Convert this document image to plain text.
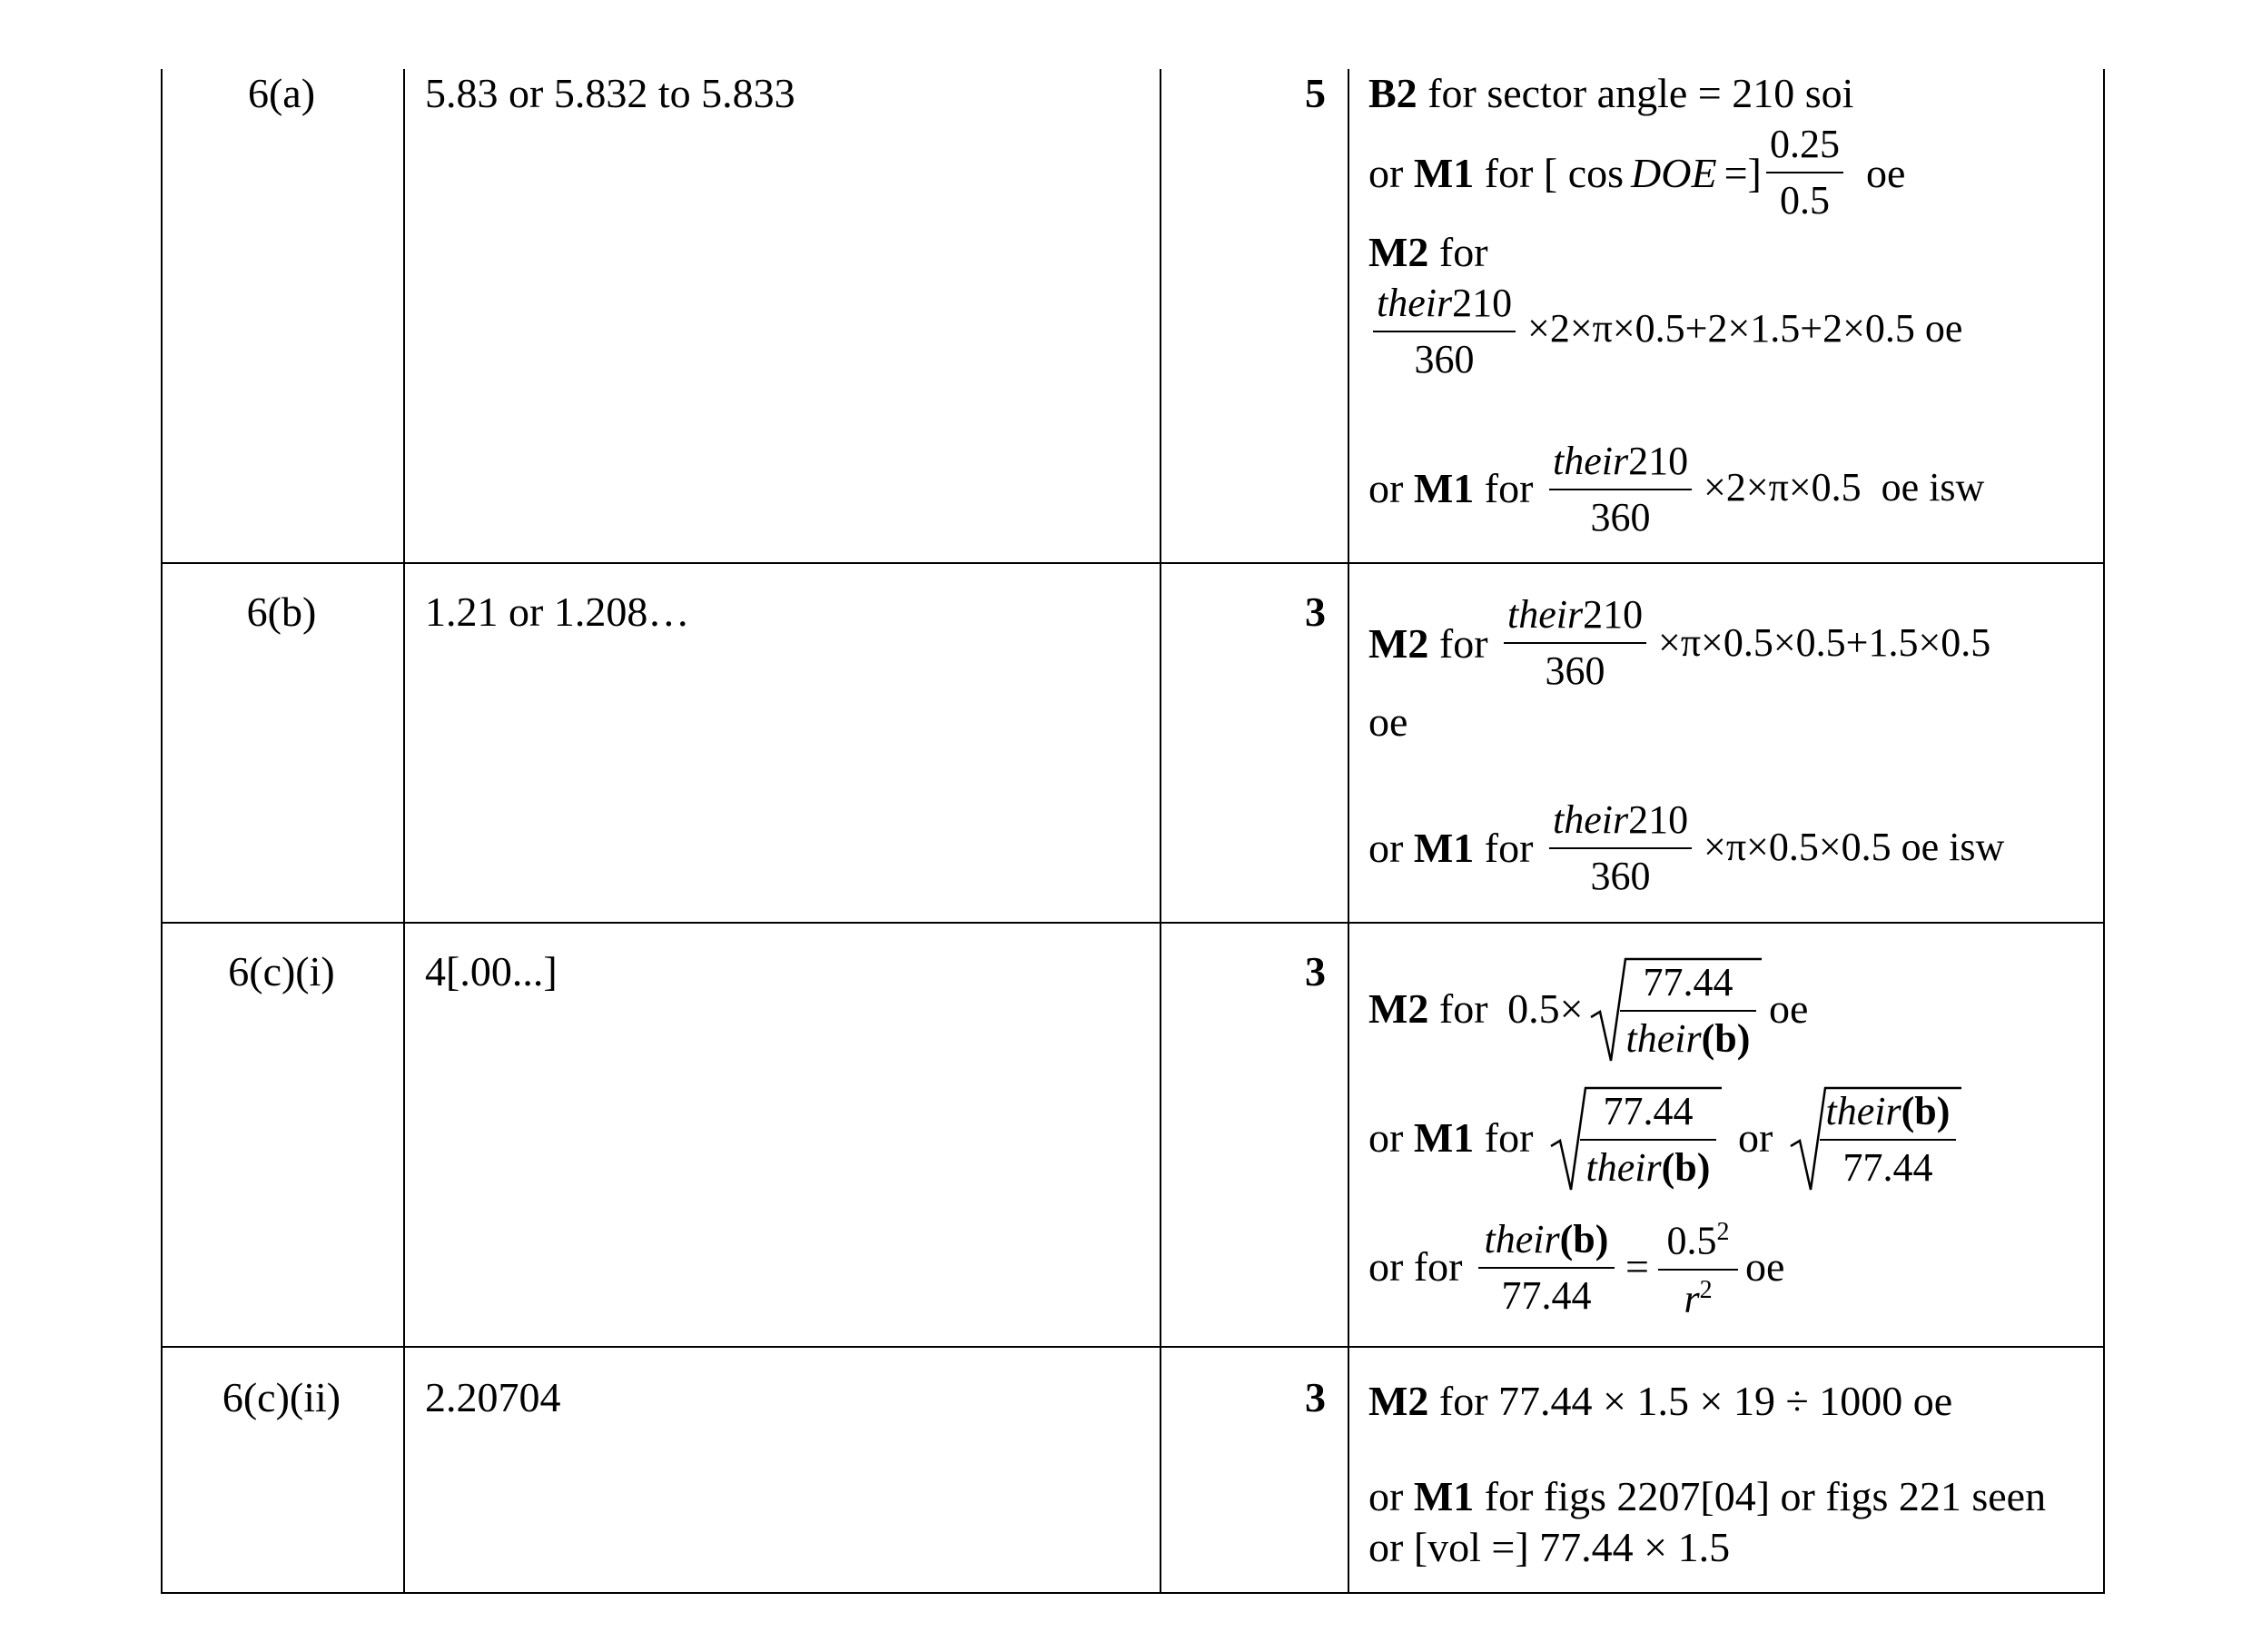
6(a)	5.83 or 5.832 to 5.833	5 B2 for sector angle = 210 soi
or M1 for [ cos DOE =] $\frac{0.25}{0.5}$ oe
M2 for
their210
360
×2×π×0.5+2×1.5+2×0.5 oe
or M1 for
their210
360
×2×π×0.5  oe isw
6(b)	1.21 or 1.208…	3
M2 for
their210
360
×π×0.5×0.5+1.5×0.5
oe
or M1 for
their210
360
×π×0.5×0.5 oe isw
6(c)(i)	4[.00...]	3
M2 for 0.5×
77.44
their(b)
oe
or M1 for
77.44
their(b)
or
their(b)
77.44
or for
their(b)
77.44
= $\frac{0.5^2}{r^2}$ oe
6(c)(ii)	2.20704	3 M2 for 77.44 × 1.5 × 19 ÷ 1000 oe
or M1 for figs 2207[04] or figs 221 seen
or [vol =] 77.44 × 1.5
